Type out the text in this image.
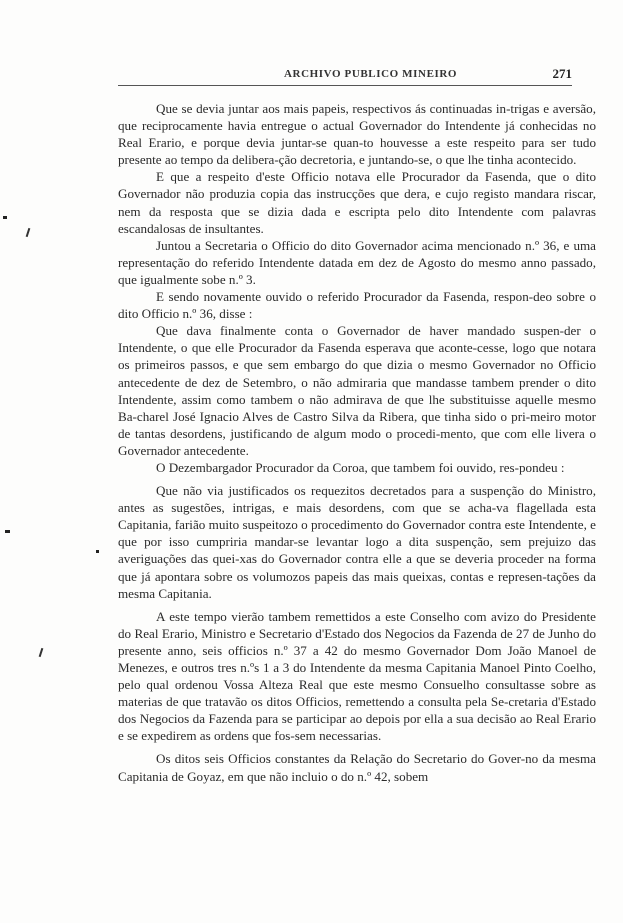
ARCHIVO PUBLICO MINEIRO	271

Que se devia juntar aos mais papeis, respectivos ás continuadas in-trigas e aversão, que reciprocamente havia entregue o actual Governador do Intendente já conhecidas no Real Erario, e porque devia juntar-se quan-to houvesse a este respeito para ser tudo presente ao tempo da delibera-ção decretoria, e juntando-se, o que lhe tinha acontecido.

E que a respeito d'este Officio notava elle Procurador da Fasenda, que o dito Governador não produzia copia das instrucções que dera, e cujo registo mandara riscar, nem da resposta que se dizia dada e escripta pelo dito Intendente com palavras escandalosas de insultantes.

Juntou a Secretaria o Officio do dito Governador acima mencionado n.º 36, e uma representação do referido Intendente datada em dez de Agosto do mesmo anno passado, que igualmente sobe n.º 3.

E sendo novamente ouvido o referido Procurador da Fasenda, respon-deo sobre o dito Officio n.º 36, disse :

Que dava finalmente conta o Governador de haver mandado suspen-der o Intendente, o que elle Procurador da Fasenda esperava que aconte-cesse, logo que notara os primeiros passos, e que sem embargo do que dizia o mesmo Governador no Officio antecedente de dez de Setembro, o não admiraria que mandasse tambem prender o dito Intendente, assim como tambem o não admirava de que lhe substituisse aquelle mesmo Ba-charel José Ignacio Alves de Castro Silva da Ribera, que tinha sido o pri-meiro motor de tantas desordens, justificando de algum modo o procedi-mento, que com elle livera o Governador antecedente.

O Dezembargador Procurador da Coroa, que tambem foi ouvido, res-pondeu :

Que não via justificados os requezitos decretados para a suspenção do Ministro, antes as sugestões, intrigas, e mais desordens, com que se acha-va flagellada esta Capitania, farião muito suspeitozo o procedimento do Governador contra este Intendente, e que por isso cumpriria mandar-se levantar logo a dita suspenção, sem prejuizo das averiguações das quei-xas do Governador contra elle a que se deveria proceder na forma que já apontara sobre os volumozos papeis das mais queixas, contas e represen-tações da mesma Capitania.

A este tempo vierão tambem remettidos a este Conselho com avizo do Presidente do Real Erario, Ministro e Secretario d'Estado dos Negocios da Fazenda de 27 de Junho do presente anno, seis officios n.º 37 a 42 do mesmo Governador Dom João Manoel de Menezes, e outros tres n.ºs 1 a 3 do Intendente da mesma Capitania Manoel Pinto Coelho, pelo qual ordenou Vossa Alteza Real que este mesmo Consuelho consultasse sobre as materias de que tratavão os ditos Officios, remettendo a consulta pela Se-cretaria d'Estado dos Negocios da Fazenda para se participar ao depois por ella a sua decisão ao Real Erario e se expedirem as ordens que fos-sem necessarias.

Os ditos seis Officios constantes da Relação do Secretario do Gover-no da mesma Capitania de Goyaz, em que não incluio o do n.º 42, sobem
